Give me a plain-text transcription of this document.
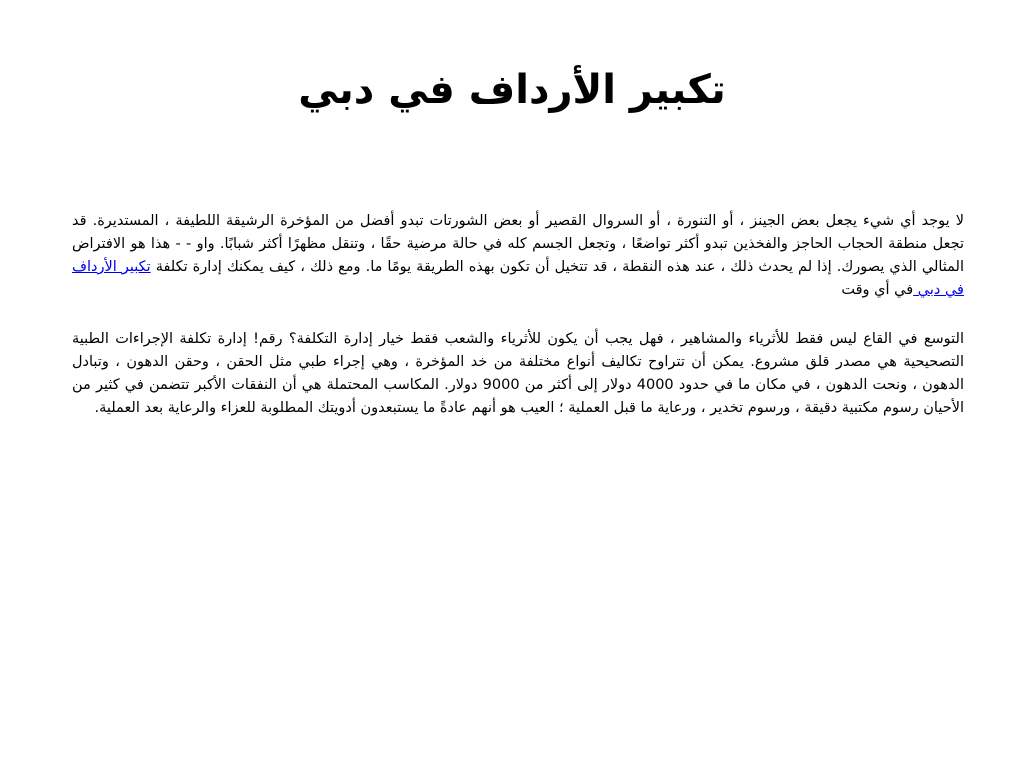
تكبير الأرداف في دبي

لا يوجد أي شيء يجعل بعض الجينز ، أو التنورة ، أو السروال القصير أو بعض الشورتات تبدو أفضل من المؤخرة الرشيقة اللطيفة ، المستديرة. قد تجعل منطقة الحجاب الحاجز والفخذين تبدو أكثر تواضعًا ، وتجعل الجسم كله في حالة مرضية حقًا ، وتنقل مظهرًا أكثر شبابًا. واو - - هذا هو الافتراض المثالي الذي يصورك. إذا لم يحدث ذلك ، عند هذه النقطة ، قد تتخيل أن تكون بهذه الطريقة يومًا ما. ومع ذلك ، كيف يمكنك إدارة تكلفة تكبير الأرداف في دبي في أي وقت

التوسع في القاع ليس فقط للأثرياء والمشاهير ، فهل يجب أن يكون للأثرياء والشعب فقط خيار إدارة التكلفة؟ رقم! إدارة تكلفة الإجراءات الطبية التصحيحية هي مصدر قلق مشروع. يمكن أن تتراوح تكاليف أنواع مختلفة من خد المؤخرة ، وهي إجراء طبي مثل الحقن ، وحقن الدهون ، وتبادل الدهون ، ونحت الدهون ، في مكان ما في حدود 4000 دولار إلى أكثر من 9000 دولار. المكاسب المحتملة هي أن النفقات الأكبر تتضمن في كثير من الأحيان رسوم مكتبية دقيقة ، ورسوم تخدير ، ورعاية ما قبل العملية ؛ العيب هو أنهم عادةً ما يستبعدون أدويتك المطلوبة للعزاء والرعاية بعد العملية.
